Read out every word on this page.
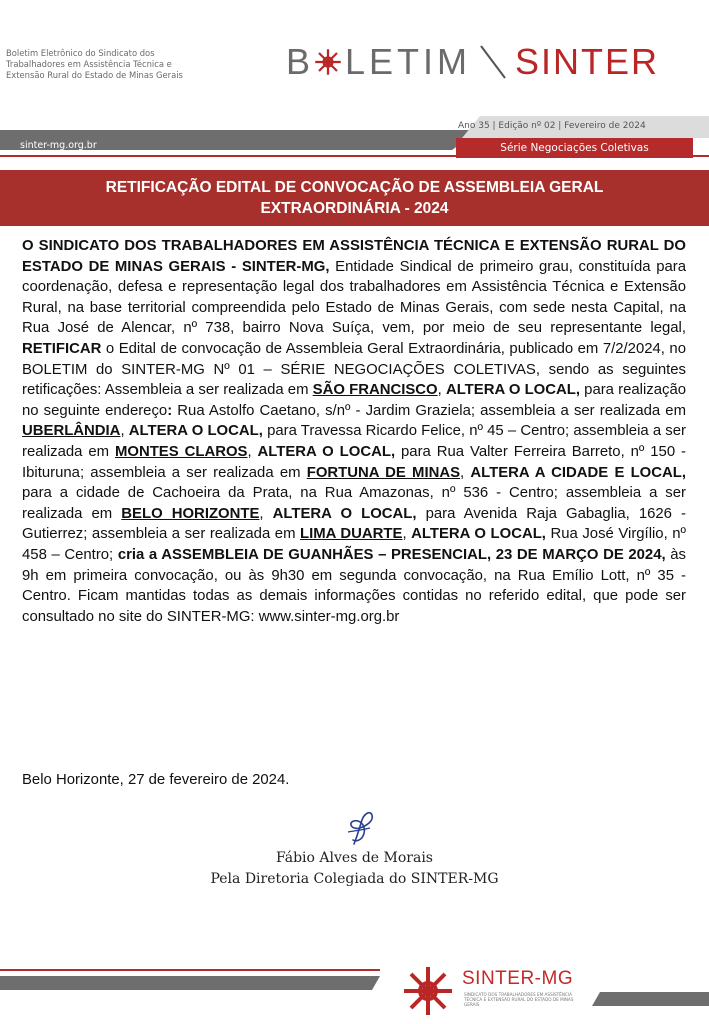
Boletim Eletrônico do Sindicato dos
Trabalhadores em Assistência Técnica e
Extensão Rural do Estado de Minas Gerais	B LETIM SINTER
sinter-mg.org.br
Ano 35 | Edição nº 02 | Fevereiro de 2024
Série Negociações Coletivas
RETIFICAÇÃO EDITAL DE CONVOCAÇÃO DE ASSEMBLEIA GERAL
EXTRAORDINÁRIA - 2024
O SINDICATO DOS TRABALHADORES EM ASSISTÊNCIA TÉCNICA E EXTENSÃO RURAL DO ESTADO DE MINAS GERAIS - SINTER-MG, Entidade Sindical de primeiro grau, constituída para coordenação, defesa e representação legal dos trabalhadores em Assistência Técnica e Extensão Rural, na base territorial compreendida pelo Estado de Minas Gerais, com sede nesta Capital, na Rua José de Alencar, nº 738, bairro Nova Suíça, vem, por meio de seu representante legal, RETIFICAR o Edital de convocação de Assembleia Geral Extraordinária, publicado em 7/2/2024, no BOLETIM do SINTER-MG Nº 01 – SÉRIE NEGOCIAÇÕES COLETIVAS, sendo as seguintes retificações: Assembleia a ser realizada em SÃO FRANCISCO, ALTERA O LOCAL, para realização no seguinte endereço: Rua Astolfo Caetano, s/nº - Jardim Graziela; assembleia a ser realizada em UBERLÂNDIA, ALTERA O LOCAL, para Travessa Ricardo Felice, nº 45 – Centro; assembleia a ser realizada em MONTES CLAROS, ALTERA O LOCAL, para Rua Valter Ferreira Barreto, nº 150 - Ibituruna; assembleia a ser realizada em FORTUNA DE MINAS, ALTERA A CIDADE E LOCAL, para a cidade de Cachoeira da Prata, na Rua Amazonas, nº 536 - Centro; assembleia a ser realizada em BELO HORIZONTE, ALTERA O LOCAL, para Avenida Raja Gabaglia, 1626 - Gutierrez; assembleia a ser realizada em LIMA DUARTE, ALTERA O LOCAL, Rua José Virgílio, nº 458 – Centro; cria a ASSEMBLEIA DE GUANHÃES – PRESENCIAL, 23 DE MARÇO DE 2024, às 9h em primeira convocação, ou às 9h30 em segunda convocação, na Rua Emílio Lott, nº 35 - Centro. Ficam mantidas todas as demais informações contidas no referido edital, que pode ser consultado no site do SINTER-MG: www.sinter-mg.org.br
Belo Horizonte, 27 de fevereiro de 2024.
Fábio Alves de Morais
Pela Diretoria Colegiada do SINTER-MG
SINTER-MG
SINDICATO DOS TRABALHADORES EM ASSISTÊNCIA TÉCNICA E EXTENSÃO RURAL DO ESTADO DE MINAS GERAIS
